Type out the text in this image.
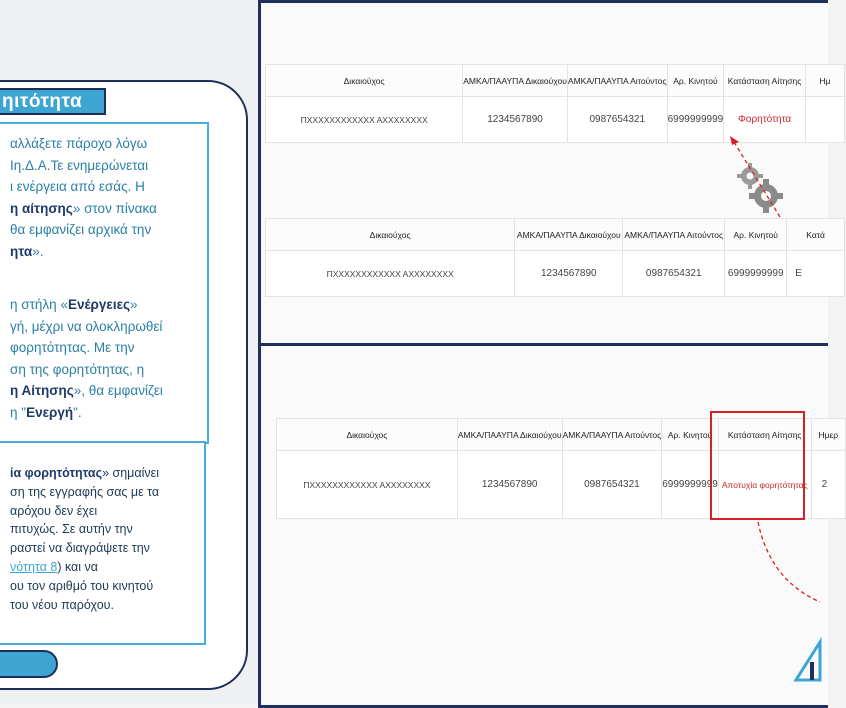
ηιτότητα
αλλάξετε πάροχο λόγω
Ιη.Δ.Α.Τε ενημερώνεται
ι ενέργεια από εσάς. Η
η αίτησης» στον πίνακα
θα εμφανίζει αρχικά την
ητα».
η στήλη «Ενέργειες»
γή, μέχρι να ολοκληρωθεί
φορητότητας. Με την
ση της φορητότητας, η
η Αίτησης», θα εμφανίζει
η "Ενεργή".
ία φορητότητας» σημαίνει
ση της εγγραφής σας με τα
αρόχου δεν έχει
πιτυχώς. Σε αυτήν την
ραστεί να διαγράψετε την
νότητα 8) και να
ου τον αριθμό του κινητού
του νέου παρόχου.
Δικαιούχος	ΑΜΚΑ/ΠΑΑΥΠΑ Δικαιούχου	ΑΜΚΑ/ΠΑΑΥΠΑ Αιτούντος	Αρ. Κινητού	Κατάσταση Αίτησης	Ημ
ΠΧΧΧΧΧΧΧΧΧΧΧΧ ΑΧΧΧΧΧΧΧΧ	1234567890	0987654321	6999999999	Φορητότητα	
Δικαιούχος	ΑΜΚΑ/ΠΑΑΥΠΑ Δικαιούχου	ΑΜΚΑ/ΠΑΑΥΠΑ Αιτούντος	Αρ. Κινητού	Κατά
ΠΧΧΧΧΧΧΧΧΧΧΧΧ ΑΧΧΧΧΧΧΧΧ	1234567890	0987654321	6999999999	Ε
Δικαιούχος	ΑΜΚΑ/ΠΑΑΥΠΑ Δικαιούχου	ΑΜΚΑ/ΠΑΑΥΠΑ Αιτούντος	Αρ. Κινητού	Κατάσταση Αίτησης	Ημερ
ΠΧΧΧΧΧΧΧΧΧΧΧΧ ΑΧΧΧΧΧΧΧΧ	1234567890	0987654321	6999999999	Αποτυχία φορητότητας	2
